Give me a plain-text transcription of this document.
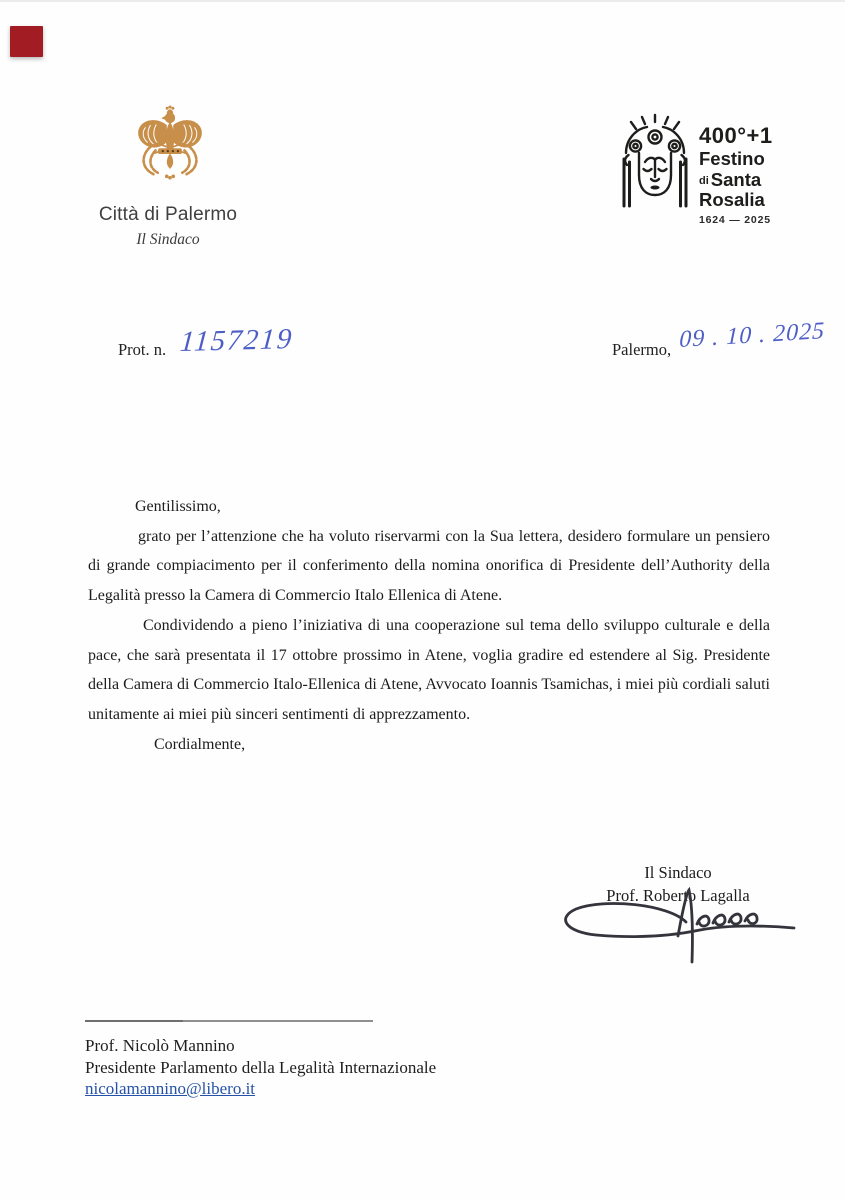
Città di Palermo
Il Sindaco
400°+1
Festino
di Santa
Rosalia
1624 — 2025
Prot. n. 1157219	Palermo, 09 . 10 . 2025

Gentilissimo,

grato per l’attenzione che ha voluto riservarmi con la Sua lettera, desidero formulare un pensiero di grande compiacimento per il conferimento della nomina onorifica di Presidente dell’Authority della Legalità presso la Camera di Commercio Italo Ellenica di Atene.

Condividendo a pieno l’iniziativa di una cooperazione sul tema dello sviluppo culturale e della pace, che sarà presentata il 17 ottobre prossimo in Atene, voglia gradire ed estendere al Sig. Presidente della Camera di Commercio Italo-Ellenica di Atene, Avvocato Ioannis Tsamichas, i miei più cordiali saluti unitamente ai miei più sinceri sentimenti di apprezzamento.

Cordialmente,

Il Sindaco
Prof. Roberto Lagalla
Prof. Nicolò Mannino
Presidente Parlamento della Legalità Internazionale
nicolamannino@libero.it
